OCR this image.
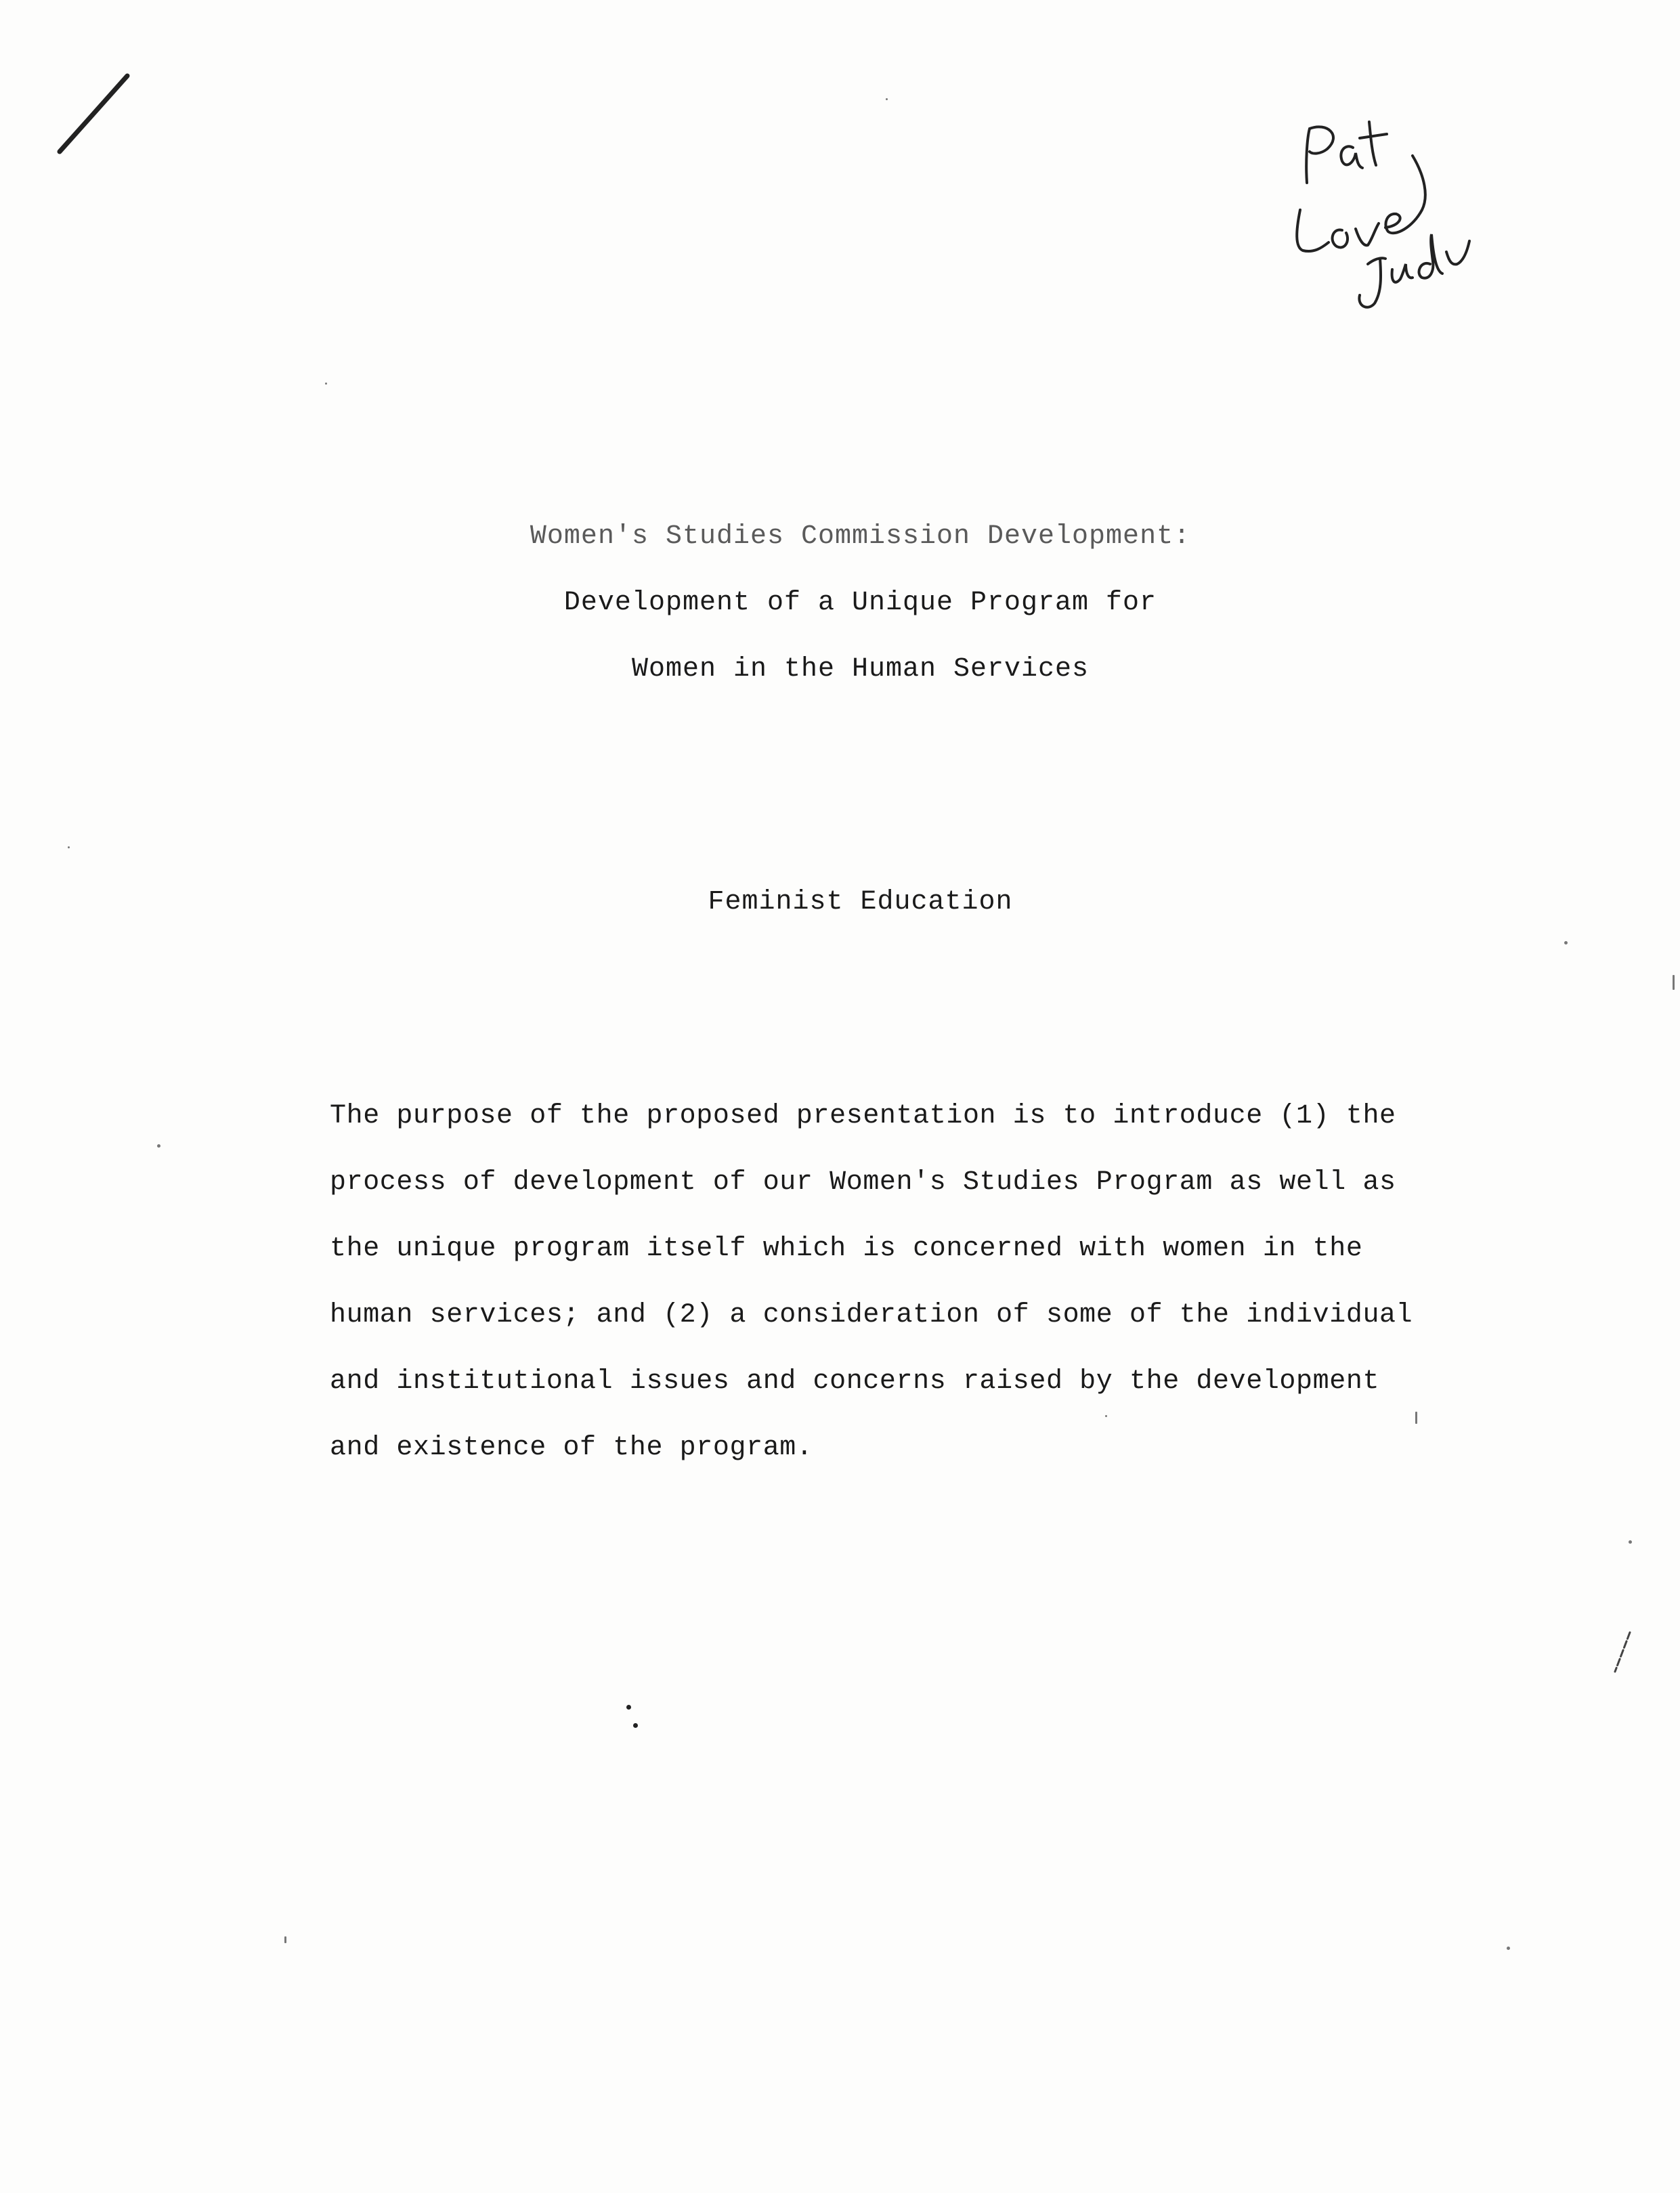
Women's Studies Commission Development:
Development of a Unique Program for
Women in the Human Services
Feminist Education
The purpose of the proposed presentation is to introduce (1) the
process of development of our Women's Studies Program as well as
the unique program itself which is concerned with women in the
human services; and (2) a consideration of some of the individual
and institutional issues and concerns raised by the development
and existence of the program.
